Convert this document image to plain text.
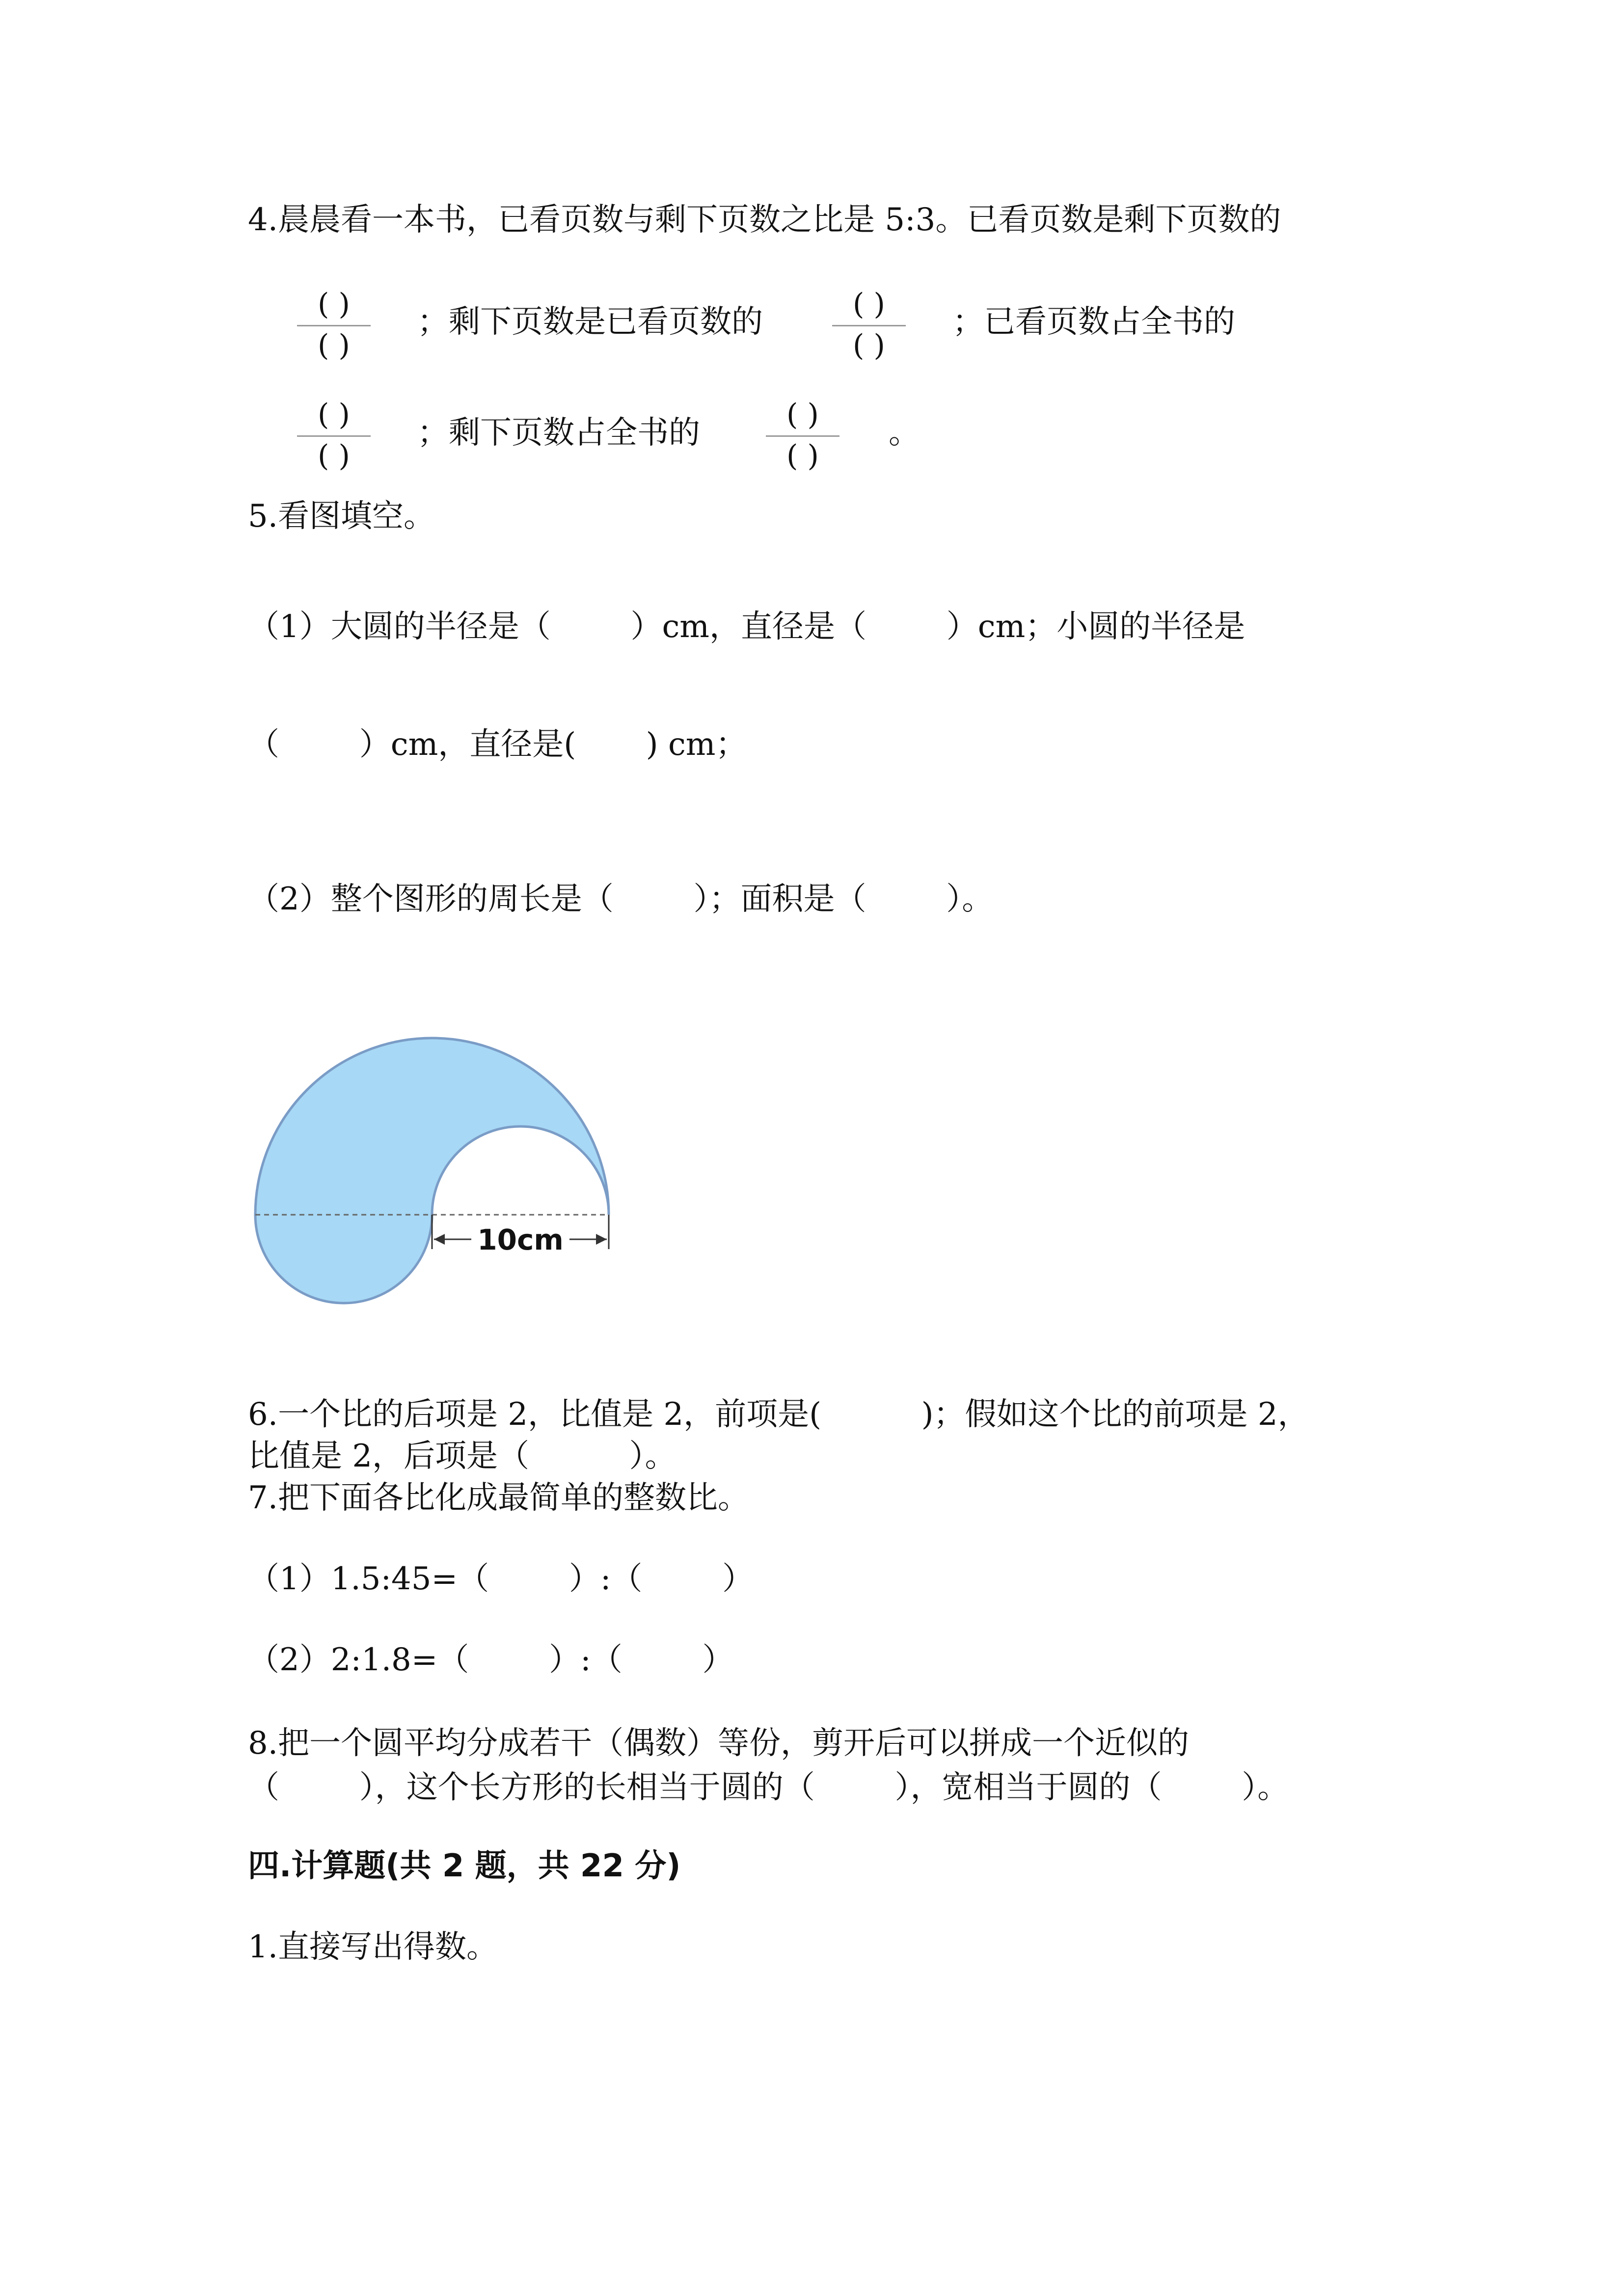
4.晨晨看一本书，已看页数与剩下页数之比是 5:3。已看页数是剩下页数的
( )
( )
；剩下页数是已看页数的	( )
( )
；已看页数占全书的
( )
( )
；剩下页数占全书的	( )
( )
。
5.看图填空。
（1）大圆的半径是（        ）cm，直径是（        ）cm；小圆的半径是
（        ）cm，直径是(       ) cm；
（2）整个图形的周长是（        ）；面积是（        ）。
10cm
6.一个比的后项是 2，比值是 2，前项是(          )；假如这个比的前项是 2，
比值是 2，后项是（          ）。
7.把下面各比化成最简单的整数比。
（1）1.5:45=（        ）:（        ）
（2）2:1.8=（        ）:（        ）
8.把一个圆平均分成若干（偶数）等份，剪开后可以拼成一个近似的
（        ），这个长方形的长相当于圆的（        ），宽相当于圆的（        ）。
四.计算题(共 2 题，共 22 分)
1.直接写出得数。
